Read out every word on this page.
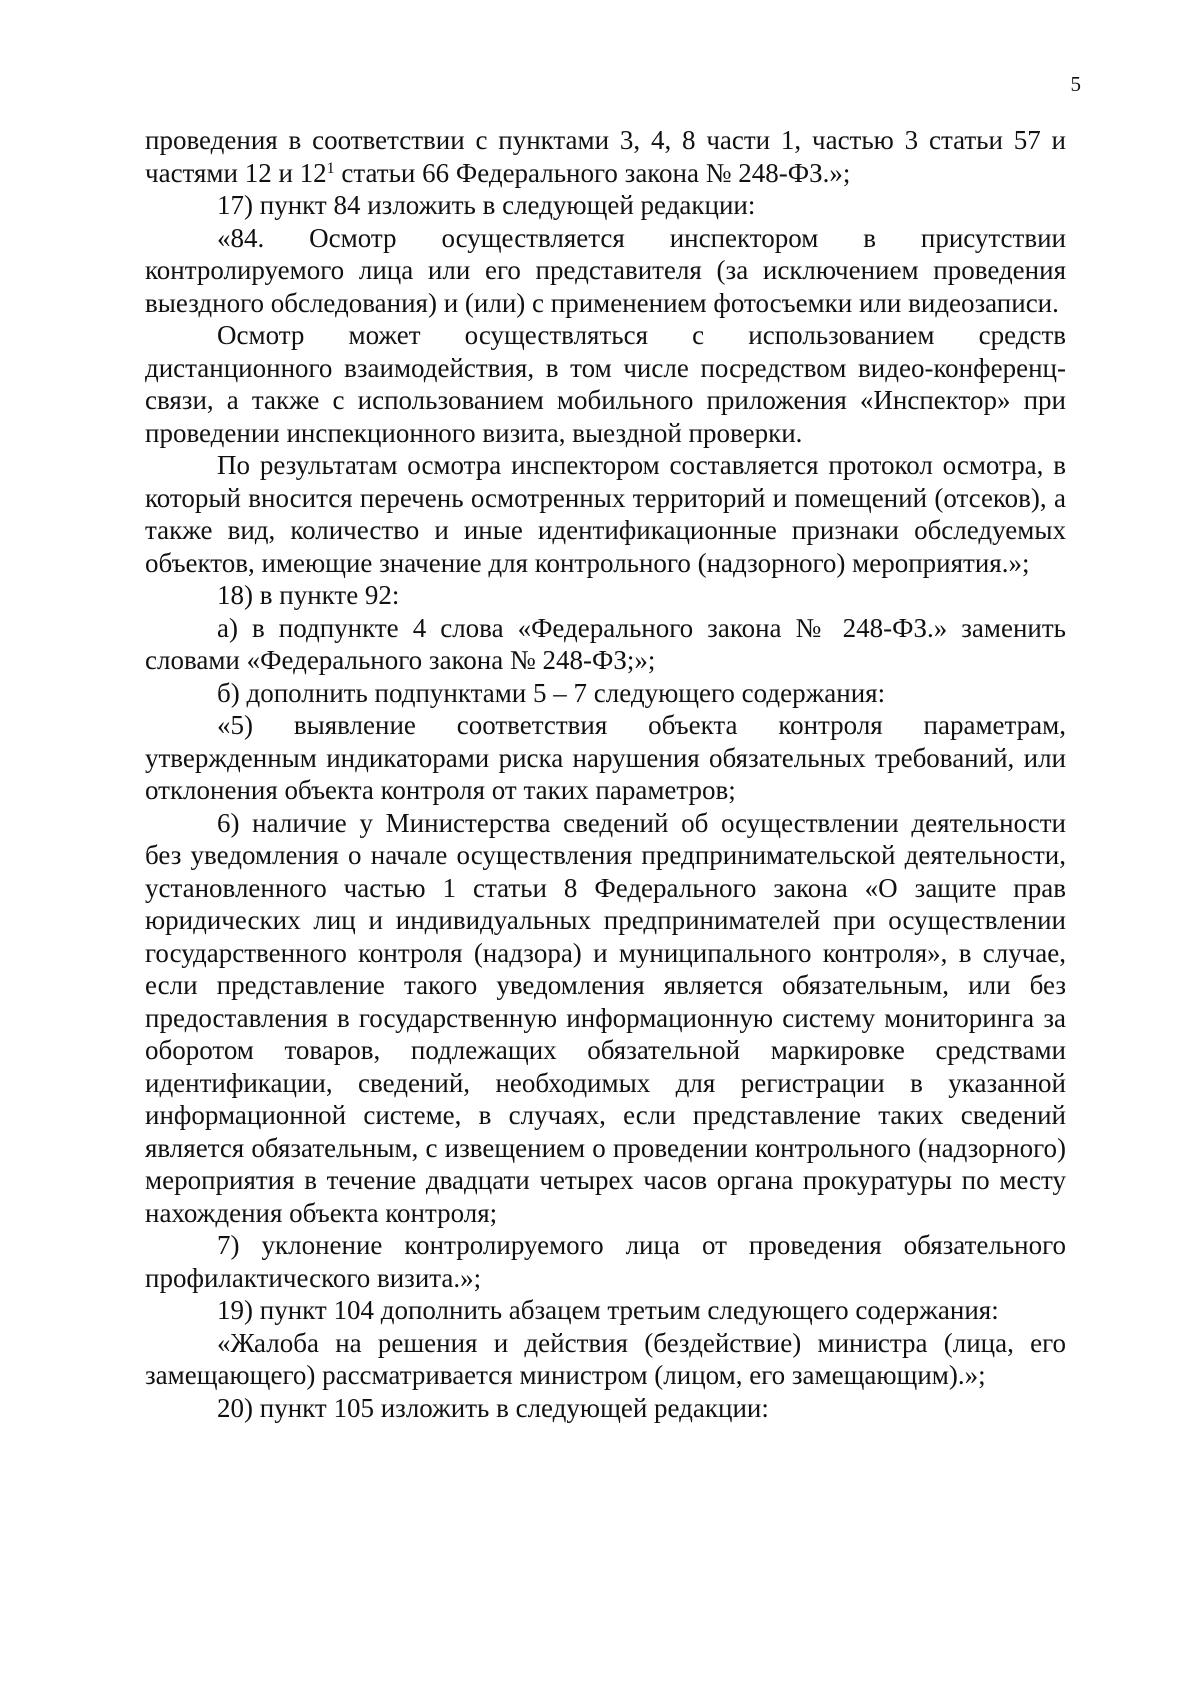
5

проведения в соответствии с пунктами 3, 4, 8 части 1, частью 3 статьи 57 и частями 12 и $12^1$ статьи 66 Федерального закона № 248-ФЗ.»;

17) пункт 84 изложить в следующей редакции:

«84. Осмотр осуществляется инспектором в присутствии контролируемого лица или его представителя (за исключением проведения выездного обследования) и (или) с применением фотосъемки или видеозаписи.

Осмотр может осуществляться с использованием средств дистанционного взаимодействия, в том числе посредством видео-конференц-связи, а также с использованием мобильного приложения «Инспектор» при проведении инспекционного визита, выездной проверки.

По результатам осмотра инспектором составляется протокол осмотра, в который вносится перечень осмотренных территорий и помещений (отсеков), а также вид, количество и иные идентификационные признаки обследуемых объектов, имеющие значение для контрольного (надзорного) мероприятия.»;

18) в пункте 92:

а) в подпункте 4 слова «Федерального закона № 248-ФЗ.» заменить словами «Федерального закона № 248-ФЗ;»;

б) дополнить подпунктами 5 – 7 следующего содержания:

«5) выявление соответствия объекта контроля параметрам, утвержденным индикаторами риска нарушения обязательных требований, или отклонения объекта контроля от таких параметров;

6) наличие у Министерства сведений об осуществлении деятельности без уведомления о начале осуществления предпринимательской деятельности, установленного частью 1 статьи 8 Федерального закона «О защите прав юридических лиц и индивидуальных предпринимателей при осуществлении государственного контроля (надзора) и муниципального контроля», в случае, если представление такого уведомления является обязательным, или без предоставления в государственную информационную систему мониторинга за оборотом товаров, подлежащих обязательной маркировке средствами идентификации, сведений, необходимых для регистрации в указанной информационной системе, в случаях, если представление таких сведений является обязательным, с извещением о проведении контрольного (надзорного) мероприятия в течение двадцати четырех часов органа прокуратуры по месту нахождения объекта контроля;

7) уклонение контролируемого лица от проведения обязательного профилактического визита.»;

19) пункт 104 дополнить абзацем третьим следующего содержания:

«Жалоба на решения и действия (бездействие) министра (лица, его замещающего) рассматривается министром (лицом, его замещающим).»;

20) пункт 105 изложить в следующей редакции:
